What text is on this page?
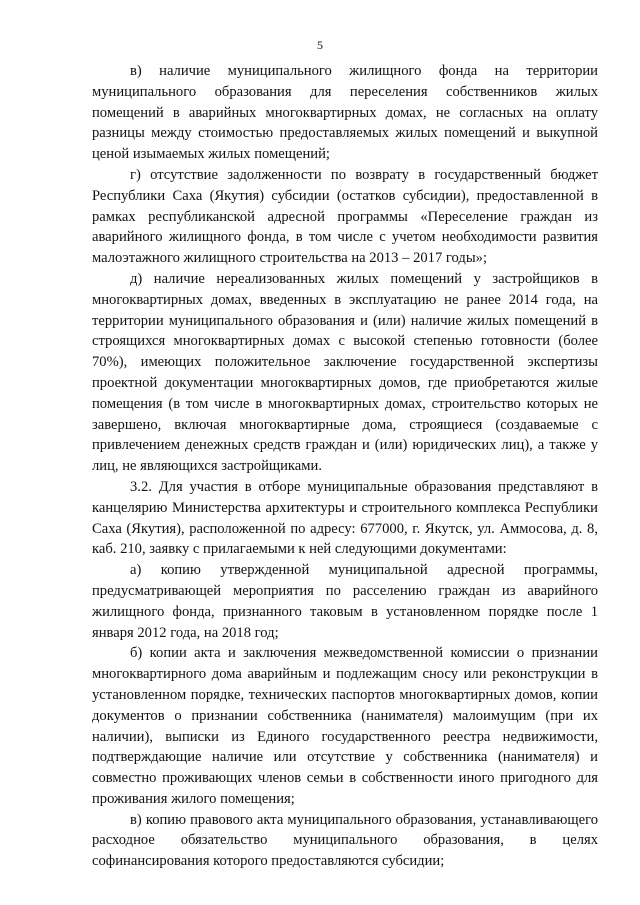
5

в) наличие муниципального жилищного фонда на территории муниципального образования для переселения собственников жилых помещений в аварийных многоквартирных домах, не согласных на оплату разницы между стоимостью предоставляемых жилых помещений и выкупной ценой изымаемых жилых помещений;

г) отсутствие задолженности по возврату в государственный бюджет Республики Саха (Якутия) субсидии (остатков субсидии), предоставленной в рамках республиканской адресной программы «Переселение граждан из аварийного жилищного фонда, в том числе с учетом необходимости развития малоэтажного жилищного строительства на 2013 – 2017 годы»;

д) наличие нереализованных жилых помещений у застройщиков в многоквартирных домах, введенных в эксплуатацию не ранее 2014 года, на территории муниципального образования и (или) наличие жилых помещений в строящихся многоквартирных домах с высокой степенью готовности (более 70%), имеющих положительное заключение государственной экспертизы проектной документации многоквартирных домов, где приобретаются жилые помещения (в том числе в многоквартирных домах, строительство которых не завершено, включая многоквартирные дома, строящиеся (создаваемые с привлечением денежных средств граждан и (или) юридических лиц), а также у лиц, не являющихся застройщиками.

3.2. Для участия в отборе муниципальные образования представляют в канцелярию Министерства архитектуры и строительного комплекса Республики Саха (Якутия), расположенной по адресу: 677000, г. Якутск, ул. Аммосова, д. 8, каб. 210, заявку с прилагаемыми к ней следующими документами:

а) копию утвержденной муниципальной адресной программы, предусматривающей мероприятия по расселению граждан из аварийного жилищного фонда, признанного таковым в установленном порядке после 1 января 2012 года, на 2018 год;

б) копии акта и заключения межведомственной комиссии о признании многоквартирного дома аварийным и подлежащим сносу или реконструкции в установленном порядке, технических паспортов многоквартирных домов, копии документов о признании собственника (нанимателя) малоимущим (при их наличии), выписки из Единого государственного реестра недвижимости, подтверждающие наличие или отсутствие у собственника (нанимателя) и совместно проживающих членов семьи в собственности иного пригодного для проживания жилого помещения;

в) копию правового акта муниципального образования, устанавливающего расходное обязательство муниципального образования, в целях софинансирования которого предоставляются субсидии;
